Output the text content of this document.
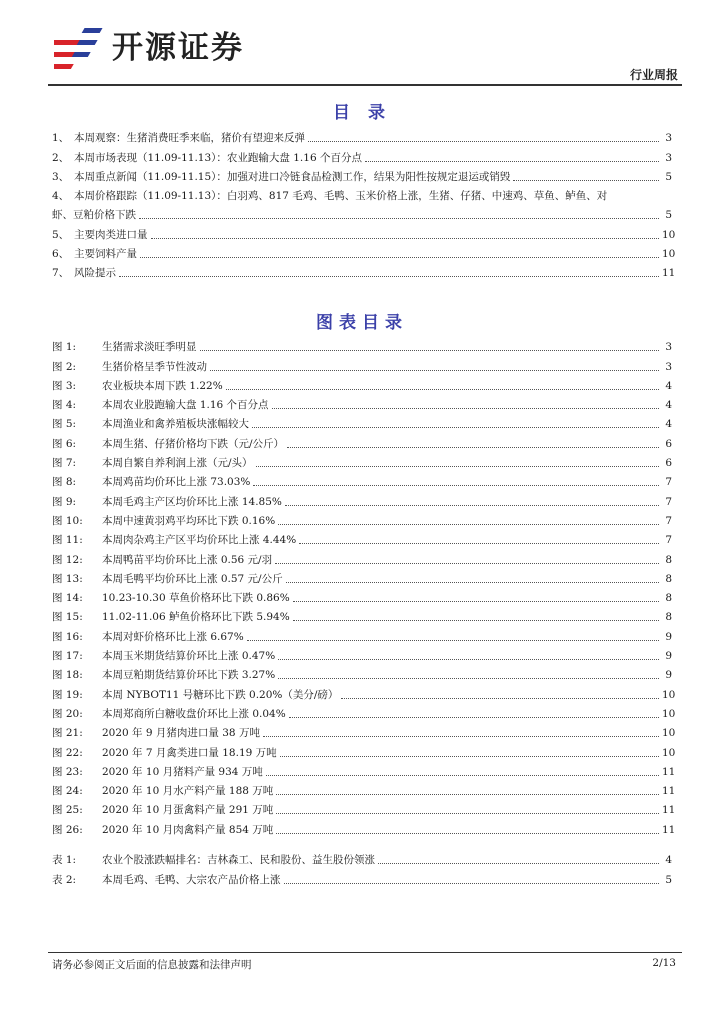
开源证券
行业周报
目 录
1、 本周观察：生猪消费旺季来临，猪价有望迎来反弹	3
2、 本周市场表现（11.09-11.13）：农业跑输大盘 1.16 个百分点	3
3、 本周重点新闻（11.09-11.15）：加强对进口冷链食品检测工作，结果为阳性按规定退运或销毁	5
4、 本周价格跟踪（11.09-11.13）：白羽鸡、817 毛鸡、毛鸭、玉米价格上涨，生猪、仔猪、中速鸡、草鱼、鲈鱼、对
虾、豆粕价格下跌	5
5、 主要肉类进口量	10
6、 主要饲料产量	10
7、 风险提示	11
图表目录
图 1:	生猪需求淡旺季明显	3
图 2:	生猪价格呈季节性波动	3
图 3:	农业板块本周下跌 1.22%	4
图 4:	本周农业股跑输大盘 1.16 个百分点	4
图 5:	本周渔业和禽养殖板块涨幅较大	4
图 6:	本周生猪、仔猪价格均下跌（元/公斤）	6
图 7:	本周自繁自养利润上涨（元/头）	6
图 8:	本周鸡苗均价环比上涨 73.03%	7
图 9:	本周毛鸡主产区均价环比上涨 14.85%	7
图 10:	本周中速黄羽鸡平均环比下跌 0.16%	7
图 11:	本周肉杂鸡主产区平均价环比上涨 4.44%	7
图 12:	本周鸭苗平均价环比上涨 0.56 元/羽	8
图 13:	本周毛鸭平均价环比上涨 0.57 元/公斤	8
图 14:	10.23-10.30 草鱼价格环比下跌 0.86%	8
图 15:	11.02-11.06 鲈鱼价格环比下跌 5.94%	8
图 16:	本周对虾价格环比上涨 6.67%	9
图 17:	本周玉米期货结算价环比上涨 0.47%	9
图 18:	本周豆粕期货结算价环比下跌 3.27%	9
图 19:	本周 NYBOT11 号糖环比下跌 0.20%（美分/磅）	10
图 20:	本周郑商所白糖收盘价环比上涨 0.04%	10
图 21:	2020 年 9 月猪肉进口量 38 万吨	10
图 22:	2020 年 7 月禽类进口量 18.19 万吨	10
图 23:	2020 年 10 月猪料产量 934 万吨	11
图 24:	2020 年 10 月水产料产量 188 万吨	11
图 25:	2020 年 10 月蛋禽料产量 291 万吨	11
图 26:	2020 年 10 月肉禽料产量 854 万吨	11
表 1:	农业个股涨跌幅排名：吉林森工、民和股份、益生股份领涨	4
表 2:	本周毛鸡、毛鸭、大宗农产品价格上涨	5
请务必参阅正文后面的信息披露和法律声明	2/13
